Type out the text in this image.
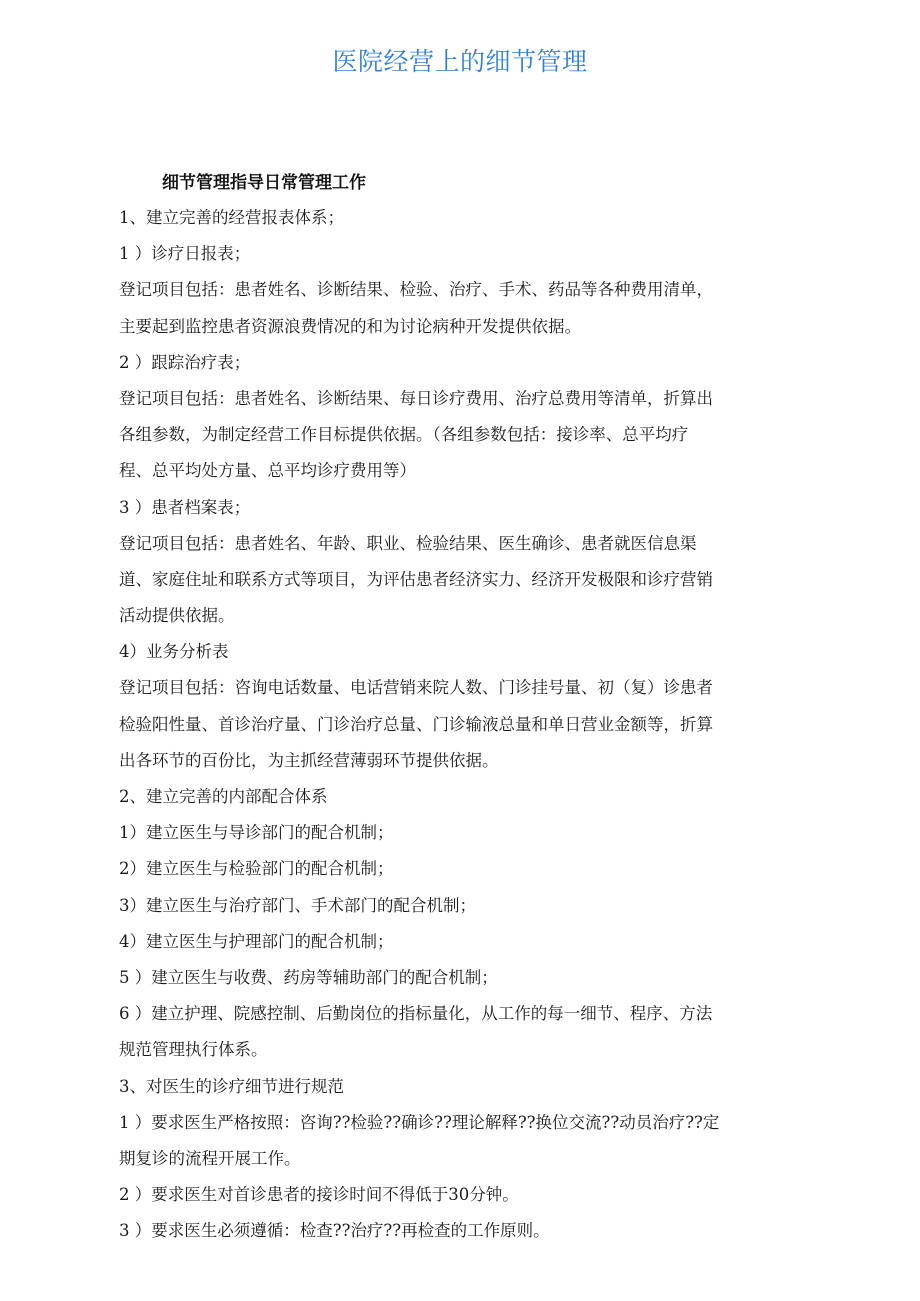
医院经营上的细节管理
细节管理指导日常管理工作
1、建立完善的经营报表体系；
1 ）诊疗日报表；
登记项目包括：患者姓名、诊断结果、检验、治疗、手术、药品等各种费用清单，
主要起到监控患者资源浪费情况的和为讨论病种开发提供依据。
2 ）跟踪治疗表；
登记项目包括：患者姓名、诊断结果、每日诊疗费用、治疗总费用等清单，折算出
各组参数，为制定经营工作目标提供依据。（各组参数包括：接诊率、总平均疗
程、总平均处方量、总平均诊疗费用等）
3 ）患者档案表；
登记项目包括：患者姓名、年龄、职业、检验结果、医生确诊、患者就医信息渠
道、家庭住址和联系方式等项目，为评估患者经济实力、经济开发极限和诊疗营销
活动提供依据。
4）业务分析表
登记项目包括：咨询电话数量、电话营销来院人数、门诊挂号量、初（复）诊患者
检验阳性量、首诊治疗量、门诊治疗总量、门诊输液总量和单日营业金额等，折算
出各环节的百份比，为主抓经营薄弱环节提供依据。
2、建立完善的内部配合体系
1）建立医生与导诊部门的配合机制；
2）建立医生与检验部门的配合机制；
3）建立医生与治疗部门、手术部门的配合机制；
4）建立医生与护理部门的配合机制；
5 ）建立医生与收费、药房等辅助部门的配合机制；
6 ）建立护理、院感控制、后勤岗位的指标量化，从工作的每一细节、程序、方法
规范管理执行体系。
3、对医生的诊疗细节进行规范
1 ）要求医生严格按照：咨询??检验??确诊??理论解释??换位交流??动员治疗??定
期复诊的流程开展工作。
2 ）要求医生对首诊患者的接诊时间不得低于30分钟。
3 ）要求医生必须遵循：检查??治疗??再检查的工作原则。
